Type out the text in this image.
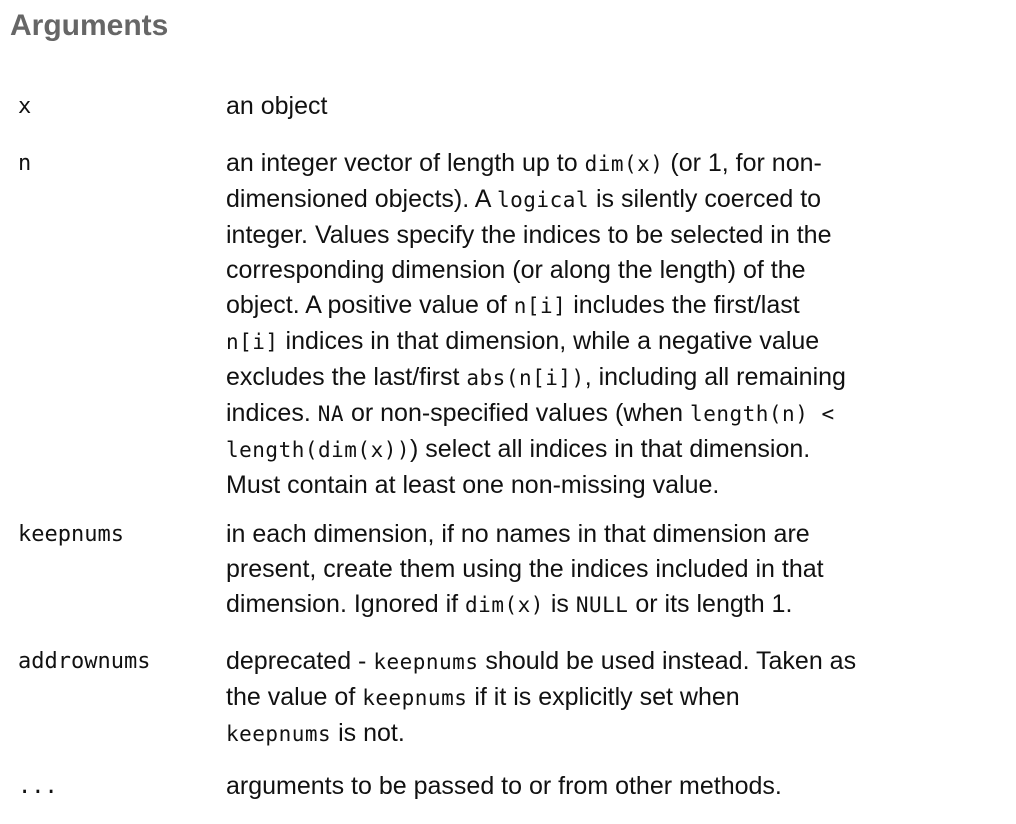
Arguments
x	an object
n	an integer vector of length up to dim(x) (or 1, for non-
dimensioned objects). A logical is silently coerced to
integer. Values specify the indices to be selected in the
corresponding dimension (or along the length) of the
object. A positive value of n[i] includes the first/last
n[i] indices in that dimension, while a negative value
excludes the last/first abs(n[i]), including all remaining
indices. NA or non-specified values (when length(n) <
length(dim(x))) select all indices in that dimension.
Must contain at least one non-missing value.
keepnums	in each dimension, if no names in that dimension are
present, create them using the indices included in that
dimension. Ignored if dim(x) is NULL or its length 1.
addrownums	deprecated - keepnums should be used instead. Taken as
the value of keepnums if it is explicitly set when
keepnums is not.
...	arguments to be passed to or from other methods.
